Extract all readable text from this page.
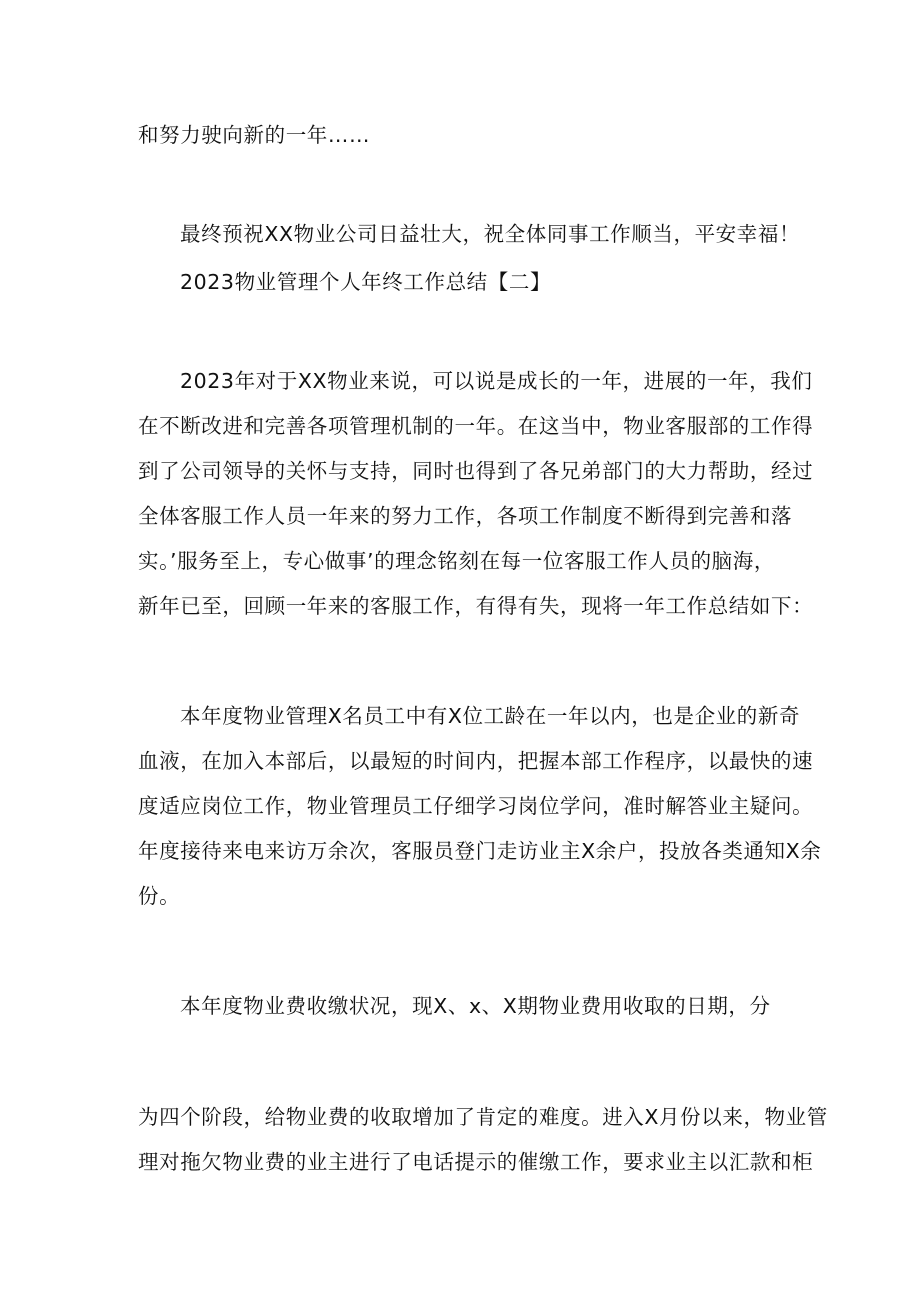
和努力驶向新的一年……
最终预祝XX物业公司日益壮大，祝全体同事工作顺当，平安幸福！
2023物业管理个人年终工作总结【二】
2023年对于XX物业来说，可以说是成长的一年，进展的一年，我们
在不断改进和完善各项管理机制的一年。在这当中，物业客服部的工作得
到了公司领导的关怀与支持，同时也得到了各兄弟部门的大力帮助，经过
全体客服工作人员一年来的努力工作，各项工作制度不断得到完善和落
实。’服务至上，专心做事’的理念铭刻在每一位客服工作人员的脑海，
新年已至，回顾一年来的客服工作，有得有失，现将一年工作总结如下：
本年度物业管理X名员工中有X位工龄在一年以内，也是企业的新奇
血液，在加入本部后，以最短的时间内，把握本部工作程序，以最快的速
度适应岗位工作，物业管理员工仔细学习岗位学问，准时解答业主疑问。
年度接待来电来访万余次，客服员登门走访业主X余户，投放各类通知X余
份。
本年度物业费收缴状况，现X、x、X期物业费用收取的日期，分
为四个阶段，给物业费的收取增加了肯定的难度。进入X月份以来，物业管
理对拖欠物业费的业主进行了电话提示的催缴工作，要求业主以汇款和柜
